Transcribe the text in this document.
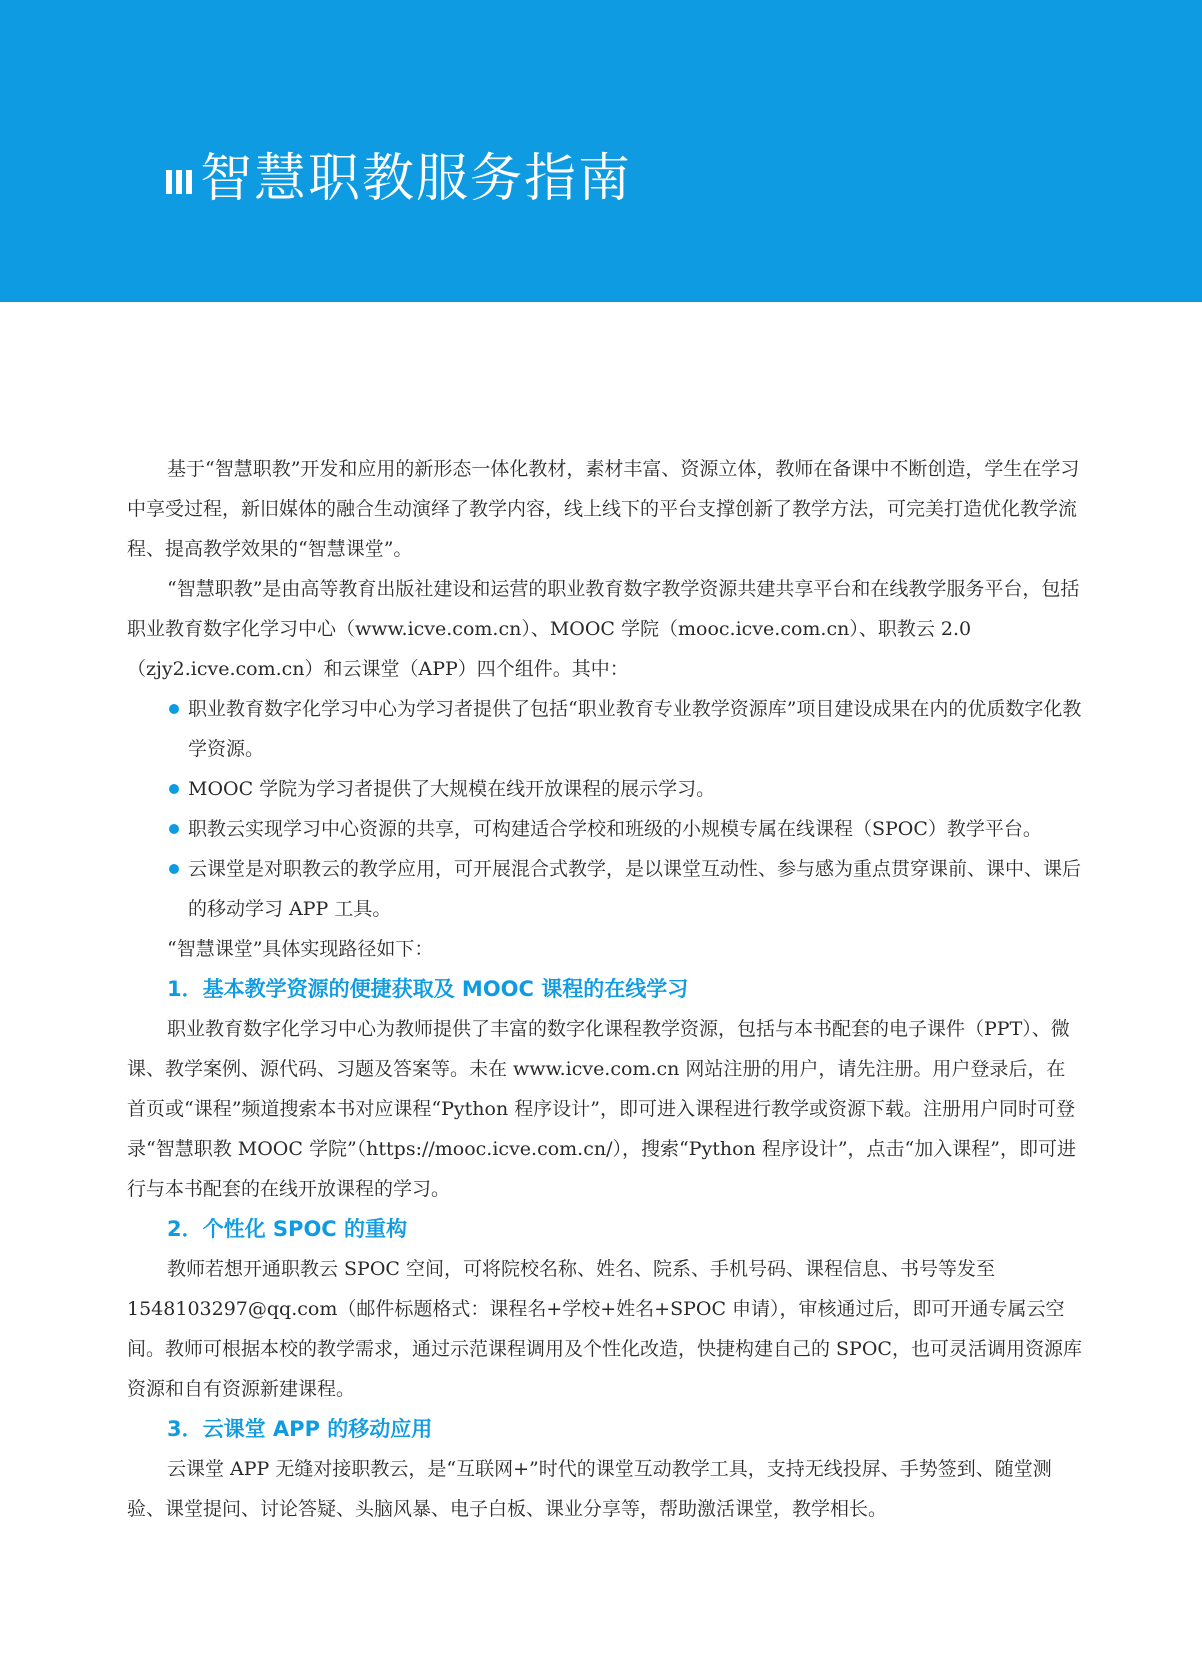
智慧职教服务指南

基于“智慧职教”开发和应用的新形态一体化教材，素材丰富、资源立体，教师在备课中不断创造，学生在学习中享受过程，新旧媒体的融合生动演绎了教学内容，线上线下的平台支撑创新了教学方法，可完美打造优化教学流程、提高教学效果的“智慧课堂”。

“智慧职教”是由高等教育出版社建设和运营的职业教育数字教学资源共建共享平台和在线教学服务平台，包括职业教育数字化学习中心（www.icve.com.cn）、MOOC 学院（mooc.icve.com.cn）、职教云 2.0（zjy2.icve.com.cn）和云课堂（APP）四个组件。其中：

职业教育数字化学习中心为学习者提供了包括“职业教育专业教学资源库”项目建设成果在内的优质数字化教学资源。
MOOC 学院为学习者提供了大规模在线开放课程的展示学习。
职教云实现学习中心资源的共享，可构建适合学校和班级的小规模专属在线课程（SPOC）教学平台。
云课堂是对职教云的教学应用，可开展混合式教学，是以课堂互动性、参与感为重点贯穿课前、课中、课后的移动学习 APP 工具。

“智慧课堂”具体实现路径如下：

1．基本教学资源的便捷获取及 MOOC 课程的在线学习

职业教育数字化学习中心为教师提供了丰富的数字化课程教学资源，包括与本书配套的电子课件（PPT）、微课、教学案例、源代码、习题及答案等。未在 www.icve.com.cn 网站注册的用户，请先注册。用户登录后，在首页或“课程”频道搜索本书对应课程“Python 程序设计”，即可进入课程进行教学或资源下载。注册用户同时可登录“智慧职教 MOOC 学院”（https://mooc.icve.com.cn/），搜索“Python 程序设计”，点击“加入课程”，即可进行与本书配套的在线开放课程的学习。

2．个性化 SPOC 的重构

教师若想开通职教云 SPOC 空间，可将院校名称、姓名、院系、手机号码、课程信息、书号等发至1548103297@qq.com（邮件标题格式：课程名+学校+姓名+SPOC 申请），审核通过后，即可开通专属云空间。教师可根据本校的教学需求，通过示范课程调用及个性化改造，快捷构建自己的 SPOC，也可灵活调用资源库资源和自有资源新建课程。

3．云课堂 APP 的移动应用

云课堂 APP 无缝对接职教云，是“互联网+”时代的课堂互动教学工具，支持无线投屏、手势签到、随堂测验、课堂提问、讨论答疑、头脑风暴、电子白板、课业分享等，帮助激活课堂，教学相长。
